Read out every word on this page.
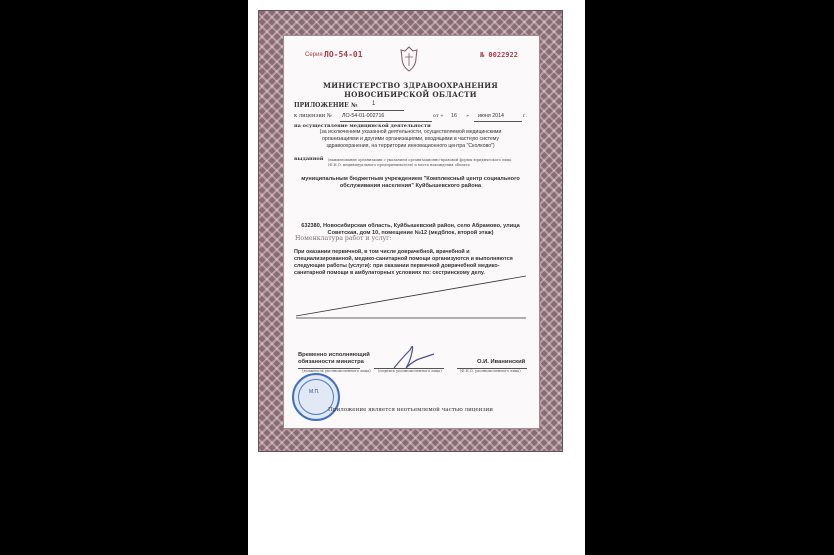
Серия ЛО-54-01	№ 0022922
МИНИСТЕРСТВО ЗДРАВООХРАНЕНИЯ
НОВОСИБИРСКОЙ ОБЛАСТИ
ПРИЛОЖЕНИЕ № 1
к лицензии № ЛО-54-01-002716	от « 16 » июня 2014	г.
на осуществление медицинской деятельности
(за исключением указанной деятельности, осуществляемой медицинскими
организациями и другими организациями, входящими в частную систему
здравоохранения, на территории инновационного центра "Сколково")
выданной (наименование организации с указанием организационно-правовой формы юридического лица
(Ф.И.О. индивидуального предпринимателя) и места нахождения объекта
муниципальным бюджетным учреждением "Комплексный центр социального
обслуживания населения" Куйбышевского района
632380, Новосибирская область, Куйбышевский район, село Абрамово, улица
Советская, дом 10, помещение №12 (медблок, второй этаж)
Номенклатура работ и услуг:
При оказании первичной, в том числе доврачебной, врачебной и
специализированной, медико-санитарной помощи организуются и выполняются
следующие работы (услуги): при оказании первичной доврачебной медико-
санитарной помощи в амбулаторных условиях по: сестринскому делу.
Временно исполняющий
обязанности министра
(должность уполномоченного лица) (подпись уполномоченного лица)
О.И. Иванинский
(Ф.И.О. уполномоченного лица)
М.П.
Приложение является неотъемлемой частью лицензии
